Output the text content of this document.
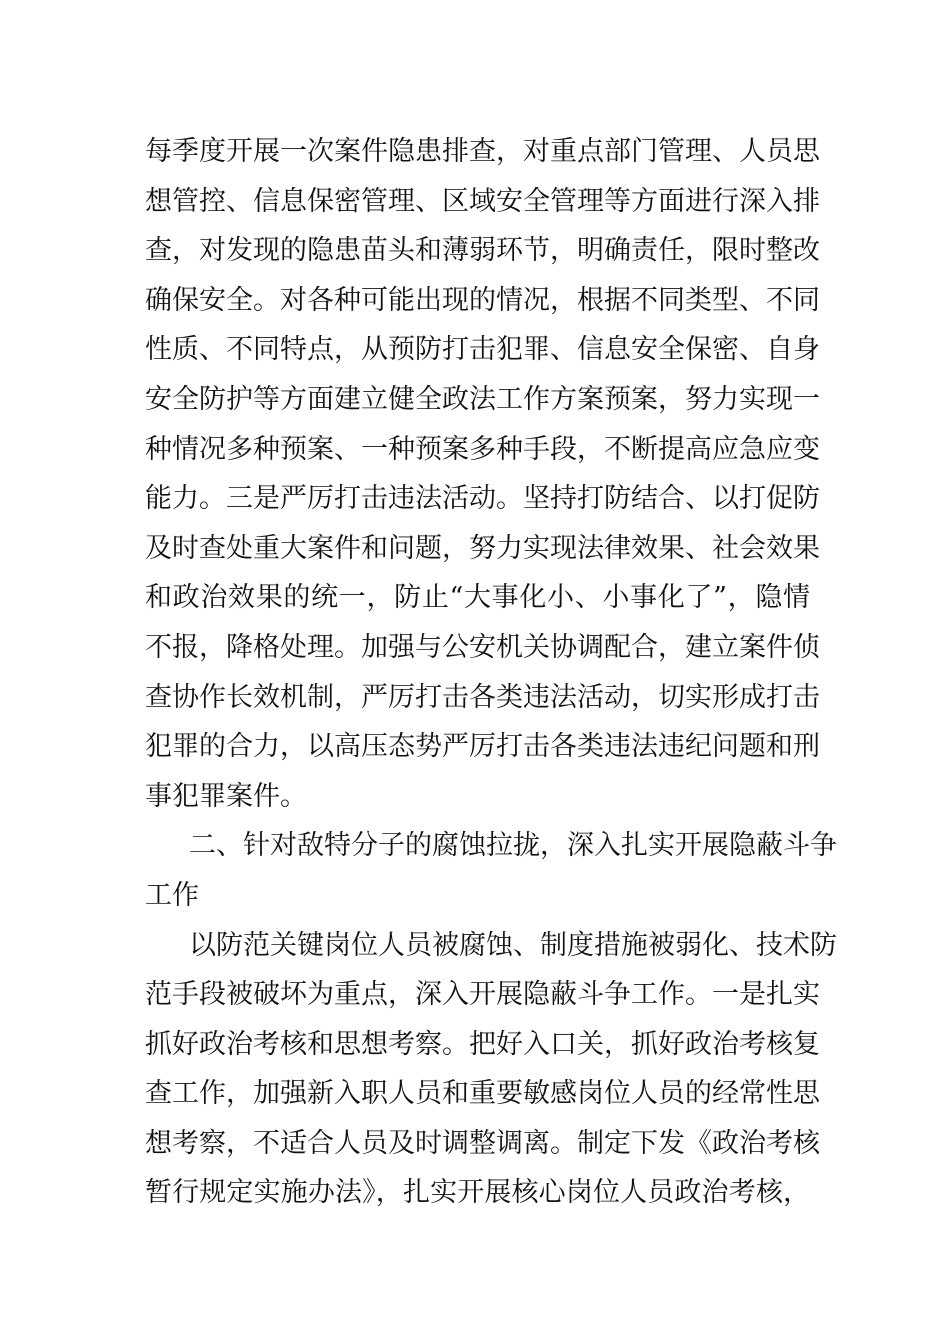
每季度开展一次案件隐患排查，对重点部门管理、人员思
想管控、信息保密管理、区域安全管理等方面进行深入排
查，对发现的隐患苗头和薄弱环节，明确责任，限时整改
确保安全。对各种可能出现的情况，根据不同类型、不同
性质、不同特点，从预防打击犯罪、信息安全保密、自身
安全防护等方面建立健全政法工作方案预案，努力实现一
种情况多种预案、一种预案多种手段，不断提高应急应变
能力。三是严厉打击违法活动。坚持打防结合、以打促防
及时查处重大案件和问题，努力实现法律效果、社会效果
和政治效果的统一，防止“大事化小、小事化了”，隐情
不报，降格处理。加强与公安机关协调配合，建立案件侦
查协作长效机制，严厉打击各类违法活动，切实形成打击
犯罪的合力，以高压态势严厉打击各类违法违纪问题和刑
事犯罪案件。
二、针对敌特分子的腐蚀拉拢，深入扎实开展隐蔽斗争
工作
以防范关键岗位人员被腐蚀、制度措施被弱化、技术防
范手段被破坏为重点，深入开展隐蔽斗争工作。一是扎实
抓好政治考核和思想考察。把好入口关，抓好政治考核复
查工作，加强新入职人员和重要敏感岗位人员的经常性思
想考察，不适合人员及时调整调离。制定下发《政治考核
暂行规定实施办法》，扎实开展核心岗位人员政治考核，
